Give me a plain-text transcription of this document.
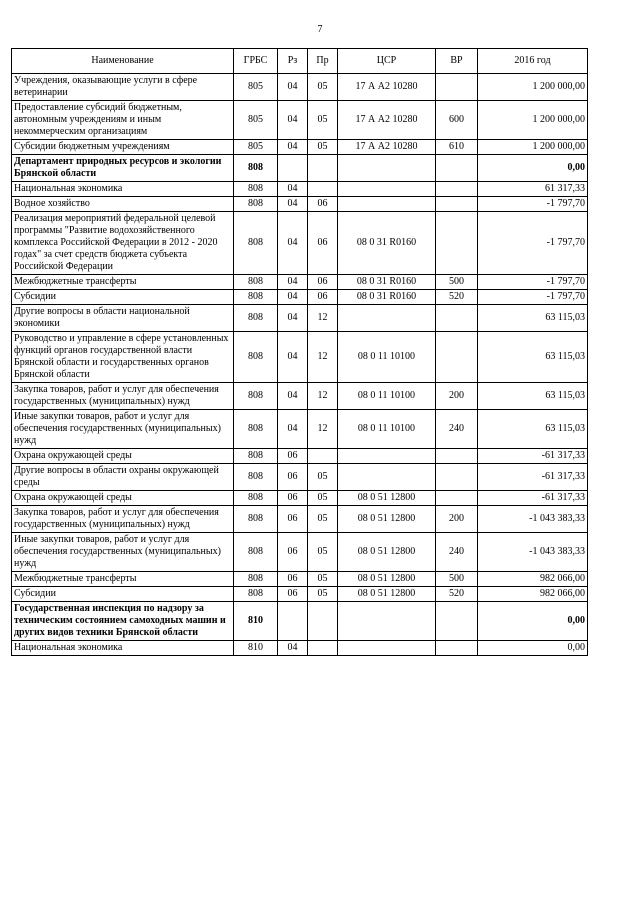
7
Наименование	ГРБС	Рз	Пр	ЦСР	ВР	2016 год
Учреждения, оказывающие услуги в сфере ветеринарии	805	04	05	17 А А2 10280		1 200 000,00
Предоставление субсидий бюджетным, автономным учреждениям и иным некоммерческим организациям	805	04	05	17 А А2 10280	600	1 200 000,00
Субсидии бюджетным учреждениям	805	04	05	17 А А2 10280	610	1 200 000,00
Департамент природных ресурсов и экологии Брянской области	808					0,00
Национальная экономика	808	04				61 317,33
Водное хозяйство	808	04	06			-1 797,70
Реализация мероприятий федеральной целевой программы "Развитие водохозяйственного комплекса Российской Федерации в 2012 - 2020 годах" за счет средств бюджета субъекта Российской Федерации	808	04	06	08 0 31 R0160		-1 797,70
Межбюджетные трансферты	808	04	06	08 0 31 R0160	500	-1 797,70
Субсидии	808	04	06	08 0 31 R0160	520	-1 797,70
Другие вопросы в области национальной экономики	808	04	12			63 115,03
Руководство и управление в сфере установленных функций органов государственной власти Брянской области и государственных органов Брянской области	808	04	12	08 0 11 10100		63 115,03
Закупка товаров, работ и услуг для обеспечения государственных (муниципальных) нужд	808	04	12	08 0 11 10100	200	63 115,03
Иные закупки товаров, работ и услуг для обеспечения государственных (муниципальных) нужд	808	04	12	08 0 11 10100	240	63 115,03
Охрана окружающей среды	808	06				-61 317,33
Другие вопросы в области охраны окружающей среды	808	06	05			-61 317,33
Охрана окружающей среды	808	06	05	08 0 51 12800		-61 317,33
Закупка товаров, работ и услуг для обеспечения государственных (муниципальных) нужд	808	06	05	08 0 51 12800	200	-1 043 383,33
Иные закупки товаров, работ и услуг для обеспечения государственных (муниципальных) нужд	808	06	05	08 0 51 12800	240	-1 043 383,33
Межбюджетные трансферты	808	06	05	08 0 51 12800	500	982 066,00
Субсидии	808	06	05	08 0 51 12800	520	982 066,00
Государственная инспекция по надзору за техническим состоянием самоходных машин и других видов техники Брянской области	810					0,00
Национальная экономика	810	04				0,00
